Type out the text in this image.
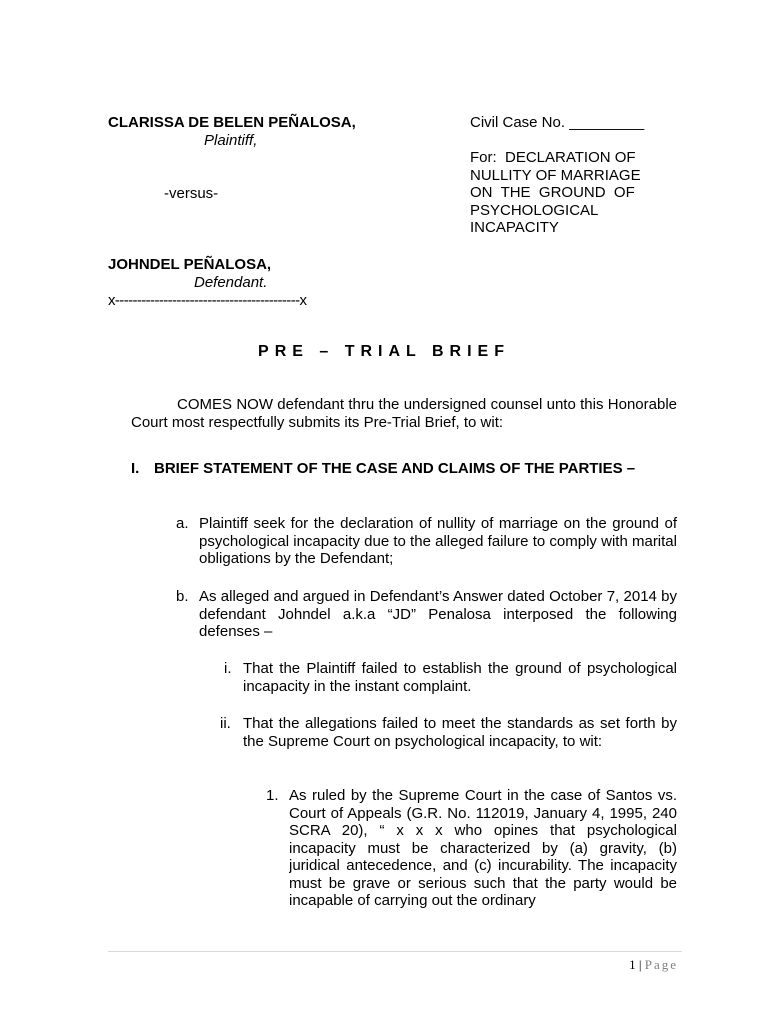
CLARISSA DE BELEN PEÑALOSA,
Plaintiff,
-versus-
JOHNDEL PEÑALOSA,
Defendant.
x------------------------------------------x
Civil Case No. _________
For:  DECLARATION OF
NULLITY OF MARRIAGE
ON  THE  GROUND  OF
PSYCHOLOGICAL
INCAPACITY
PRE – TRIAL BRIEF
COMES NOW defendant thru the undersigned counsel unto this Honorable Court most respectfully submits its Pre-Trial Brief, to wit:
I. BRIEF STATEMENT OF THE CASE AND CLAIMS OF THE PARTIES –
a. Plaintiff seek for the declaration of nullity of marriage on the ground of psychological incapacity due to the alleged failure to comply with marital obligations by the Defendant;
b. As alleged and argued in Defendant’s Answer dated October 7, 2014 by defendant Johndel a.k.a “JD” Penalosa interposed the following defenses –
i. That the Plaintiff failed to establish the ground of psychological incapacity in the instant complaint.
ii. That the allegations failed to meet the standards as set forth by the Supreme Court on psychological incapacity, to wit:
1. As ruled by the Supreme Court in the case of Santos vs. Court of Appeals (G.R. No. 112019, January 4, 1995, 240 SCRA 20), “ x x x who opines that psychological incapacity must be characterized by (a) gravity, (b) juridical antecedence, and (c) incurability. The incapacity must be grave or serious such that the party would be incapable of carrying out the ordinary
1 | Page
